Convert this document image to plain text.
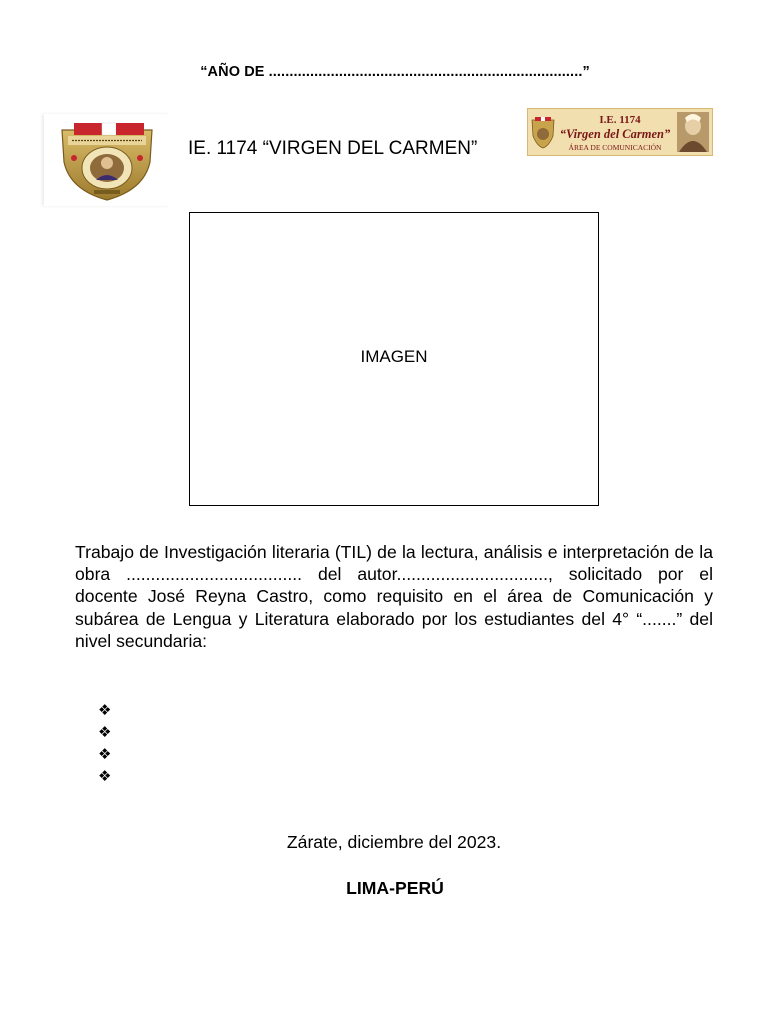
“AÑO DE ............................................................................”
IE. 1174 “VIRGEN DEL CARMEN”
I.E. 1174
“Virgen del Carmen”
ÁREA DE COMUNICACIÓN
IMAGEN
Trabajo de Investigación literaria (TIL) de la lectura, análisis e interpretación de la obra .................................... del autor..............................., solicitado por el docente José Reyna Castro, como requisito en el área de Comunicación y subárea de Lengua y Literatura elaborado por los estudiantes del 4° “.......” del nivel secundaria:
❖
❖
❖
❖
Zárate, diciembre del 2023.
LIMA-PERÚ
